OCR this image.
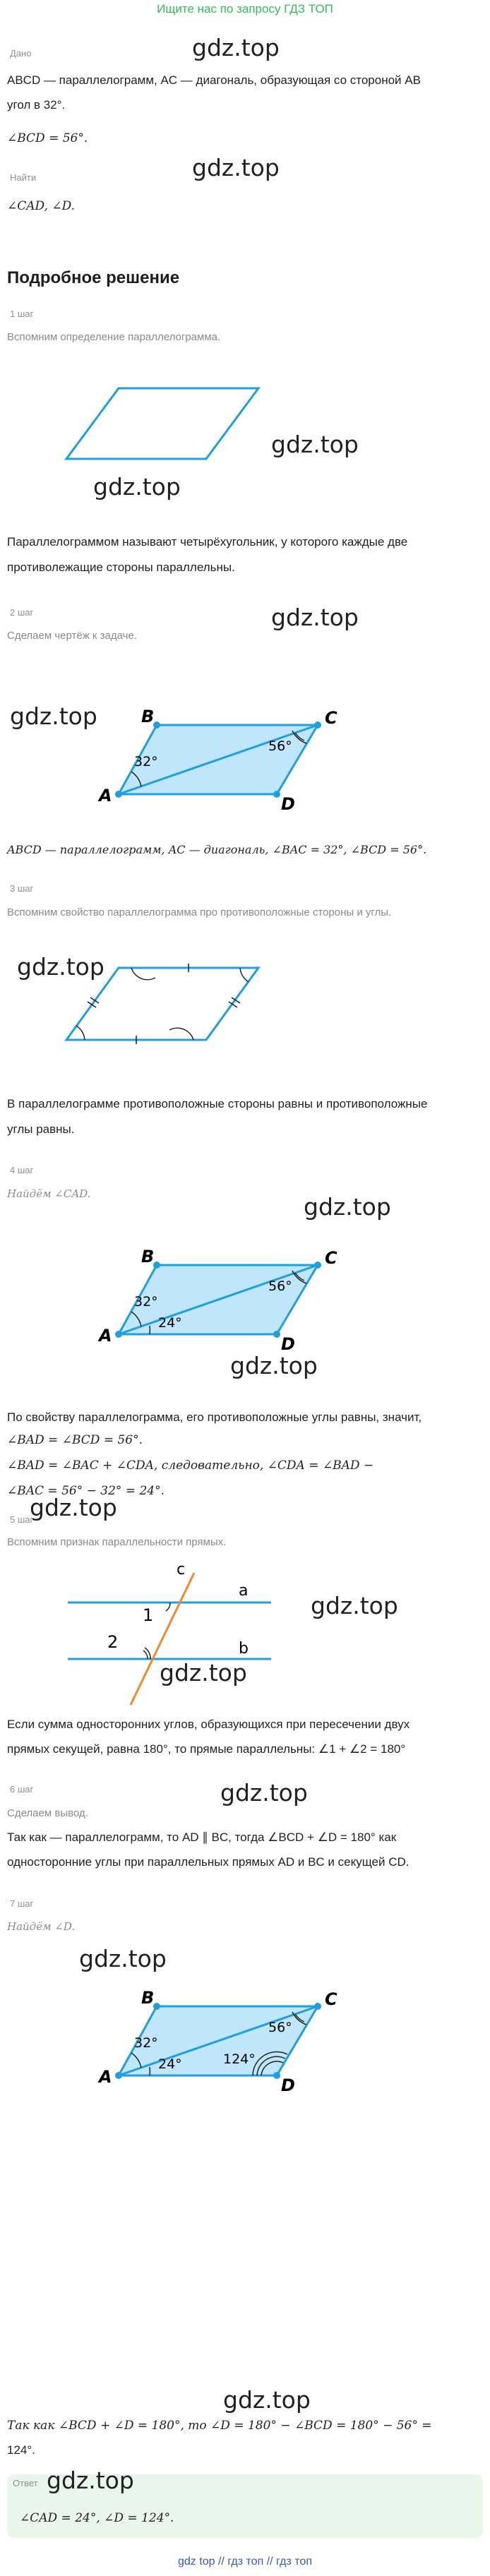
Ищите нас по запросу ГДЗ ТОП
gdz.top
Дано
ABCD — параллелограмм, AC — диагональ, образующая со стороной AB
угол в 32°.
∠BCD = 56°.
gdz.top
Найти
∠CAD, ∠D.
Подробное решение
1 шаг
Вспомним определение параллелограмма.
gdz.top
gdz.top
Параллелограммом называют четырёхугольник, у которого каждые две
противолежащие стороны параллельны.
gdz.top
2 шаг
Сделаем чертёж к задаче.
gdz.top
A
B	C
D
32°
56°
ABCD — параллелограмм, AC — диагональ, ∠BAC = 32°, ∠BCD = 56°.
3 шаг
Вспомним свойство параллелограмма про противоположные стороны и углы.
gdz.top
В параллелограмме противоположные стороны равны и противоположные
углы равны.
4 шаг
Найдём ∠CAD.	gdz.top
A
B	C
D
32°
24°
56°
gdz.top
По свойству параллелограмма, его противоположные углы равны, значит,
∠BAD = ∠BCD = 56°.
∠BAD = ∠BAC + ∠CDA, следовательно, ∠CDA = ∠BAD −
∠BAC = 56° − 32° = 24°.
gdz.top
5 шаг
Вспомним признак параллельности прямых.
a
b
c
1
2
gdz.top
gdz.top
Если сумма односторонних углов, образующихся при пересечении двух
прямых секущей, равна 180°, то прямые параллельны: ∠1 + ∠2 = 180°
gdz.top
6 шаг
Сделаем вывод.
Так как — параллелограмм, то AD ∥ BC, тогда ∠BCD + ∠D = 180° как
односторонние углы при параллельных прямых AD и BC и секущей CD.
7 шаг
Найдём ∠D.
gdz.top
A
B	C
D
32°
24°
56°
124°
gdz.top
Так как ∠BCD + ∠D = 180°, то ∠D = 180° − ∠BCD = 180° − 56° =
124°.
Ответ gdz.top
∠CAD = 24°, ∠D = 124°.
gdz top // гдз топ // гдз топ
